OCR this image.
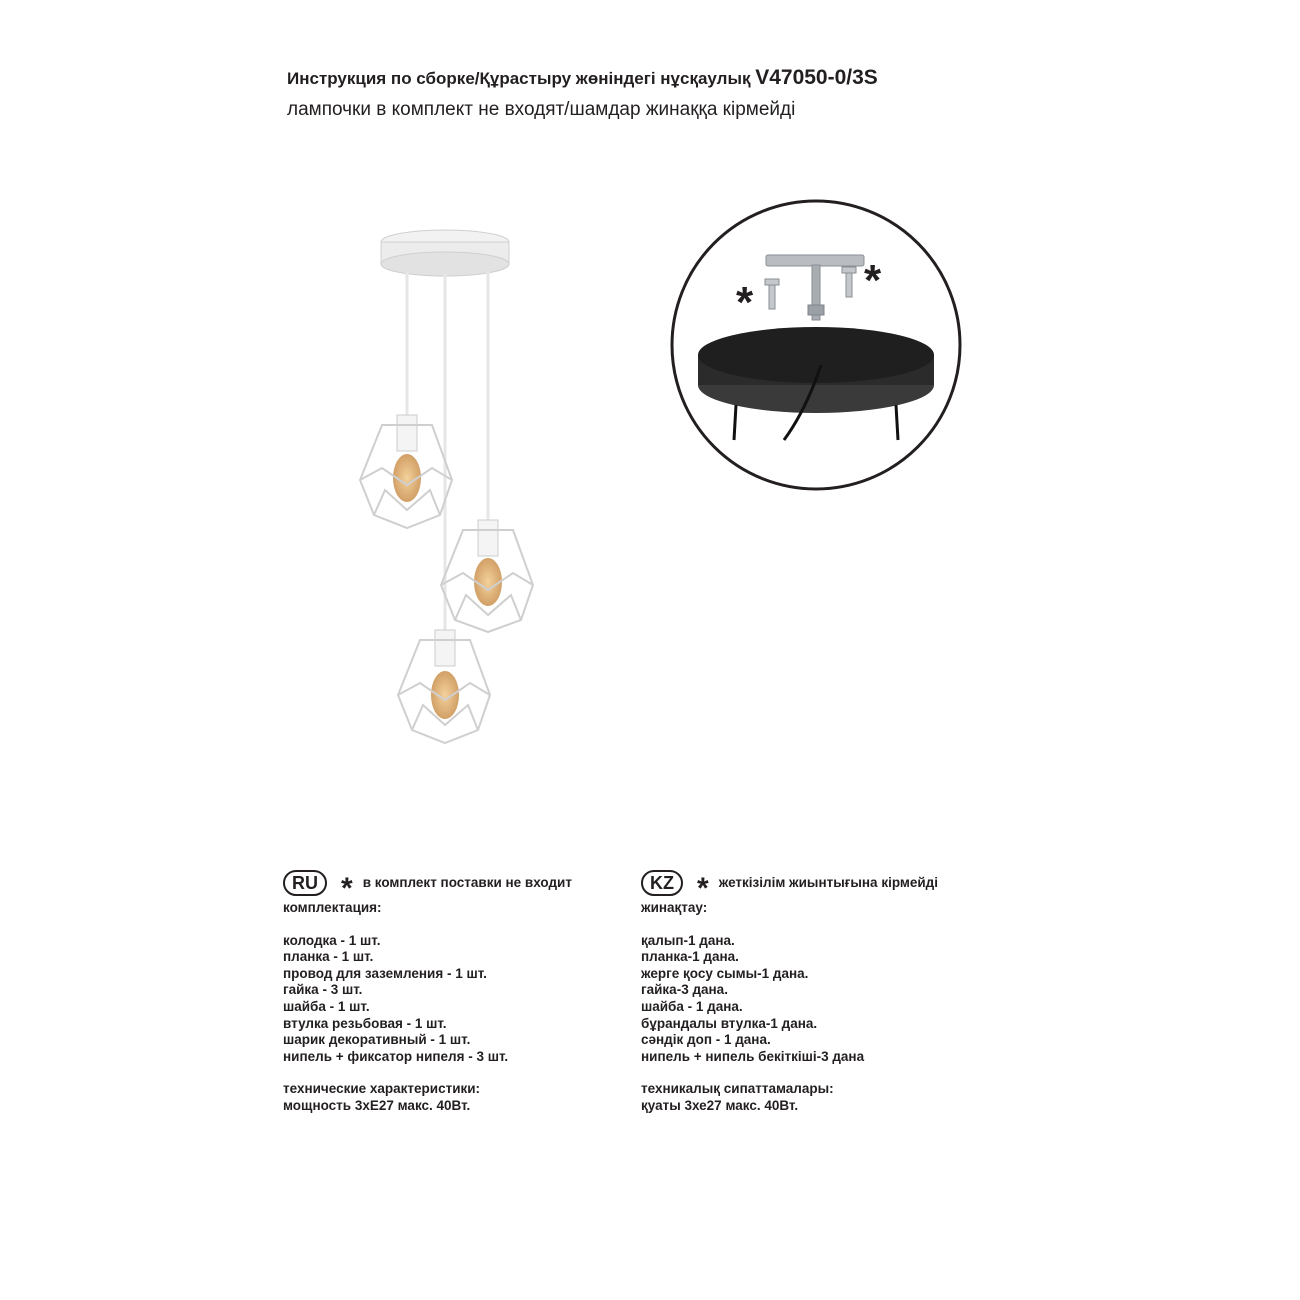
Инструкция по сборке/Құрастыру жөніндегі нұсқаулық V47050-0/3S
лампочки в комплект не входят/шамдар жинаққа кірмейді
*	*
RU * в комплект поставки не входит
комплектация:
колодка - 1 шт.
планка - 1 шт.
провод для заземления - 1 шт.
гайка - 3 шт.
шайба - 1 шт.
втулка резьбовая - 1 шт.
шарик декоративный - 1 шт.
нипель + фиксатор нипеля - 3 шт.
технические характеристики:
мощность 3хE27 макс. 40Вт.
KZ * жеткізілім жиынтығына кірмейді
жинақтау:
қалып-1 дана.
планка-1 дана.
жерге қосу сымы-1 дана.
гайка-3 дана.
шайба - 1 дана.
бұрандалы втулка-1 дана.
сәндік доп - 1 дана.
нипель + нипель бекіткіші-3 дана
техникалық сипаттамалары:
қуаты 3хе27 макс. 40Вт.
